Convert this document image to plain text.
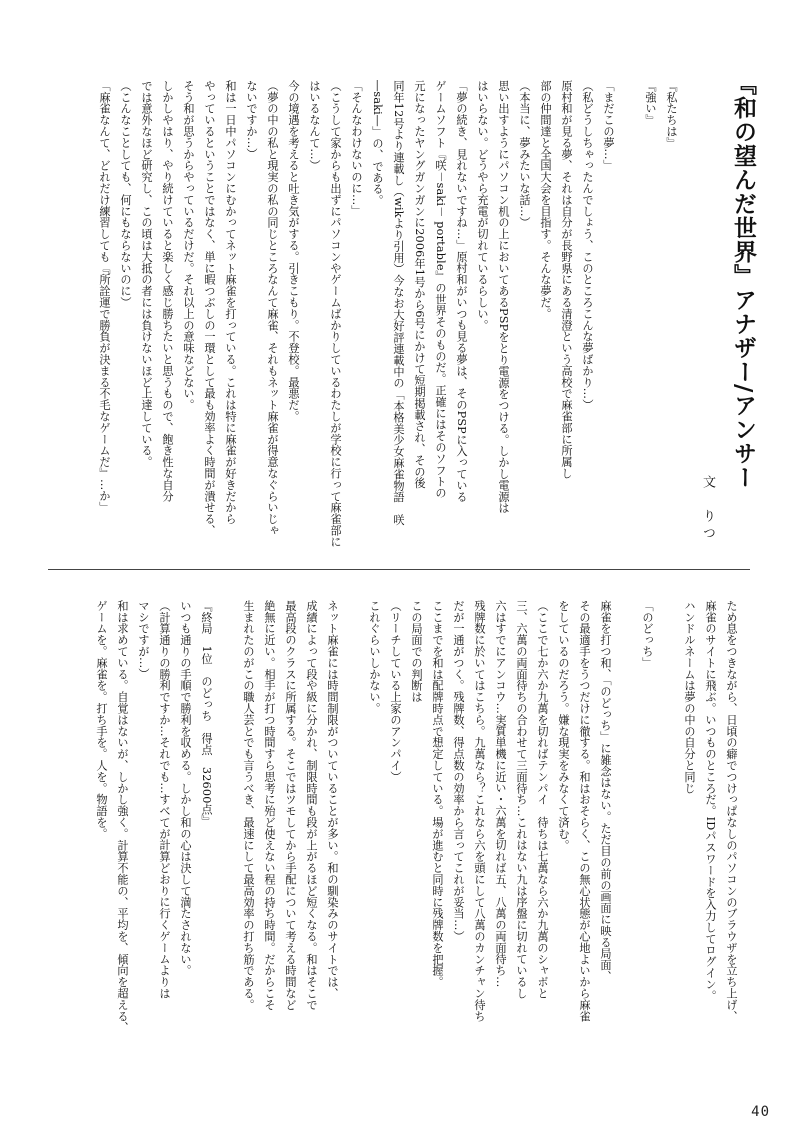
『和の望んだ世界』アナザー/アンサー
文　りつ
『私たちは』
『強い』

「まだこの夢…」
（私どうしちゃったんでしょう、このところこんな夢ばかり…）
原村和が見る夢、それは自分が長野県にある清澄という高校で麻雀部に所属し
部の仲間達と全国大会を目指す。そんな夢だ。
（本当に、夢みたいな話…）
思い出すようにパソコン机の上においてあるPSPをとり電源をつける。しかし電源は
はいらない。どうやら充電が切れているらしい。
「夢の続き、見れないですね…」原村和がいつも見る夢は、そのPSPに入っている
ゲームソフト『咲－saki－ portable』の世界そのものだ。正確にはそのソフトの
元になったヤングガンガンに2006年1号から6号にかけて短期掲載され、その後
同年12号より連載し（wikより引用）今なお大好評連載中の「本格美少女麻雀物語　咲
―saki―」の、である。
「そんなわけないのに…」
（こうして家からも出ずにパソコンやゲームばかりしているわたしが学校に行って麻雀部に
はいるなんて…）
今の境遇を考えると吐き気がする。引きこもり。不登校。最悪だ。
（夢の中の私と現実の私の同じところなんて麻雀、それもネット麻雀が得意なぐらいじゃ
ないですか…）
和は一日中パソコンにむかってネット麻雀を打っている。これは特に麻雀が好きだから
やっているということではなく、単に暇つぶしの一環として最も効率よく時間が潰せる、
そう和が思うからやっているだけだ。それ以上の意味などない。
しかしやはり、やり続けていると楽しく感じ勝ちたいと思うもので、飽き性な自分
では意外なほど研究し、この頃は大抵の者には負けないほど上達している。
（こんなことしても、何にもならないのに）
「麻雀なんて、どれだけ練習しても『所詮運で勝負が決まる不毛なゲームだ』…か」
ため息をつきながら、日頃の癖でつけっぱなしのパソコンのブラウザを立ち上げ、
麻雀のサイトに飛ぶ。いつものところだ。IDパスワードを入力してログイン。
ハンドルネームは夢の中の自分と同じ

「のどっち」

麻雀を打つ和、「のどっち」に雑念はない。ただ目の前の画面に映る局面、
その最適手をうつだけに徹する。和はおそらく、この無心状態が心地よいから麻雀
をしているのだろう。嫌な現実をみなくて済む。
（ここで七か六か九萬を切ればテンパイ　待ちは七萬なら六か九萬のシャボと
三、六萬の両面待ちの合わせて三面待ち…これはない九は序盤に切れているし
六はすでにアンコウ…実質単機に近い・六萬を切れば五、八萬の両面待ち…
残牌数に於いてはこちら。九萬なら？これなら六を頭にして八萬のカンチャン待ち
だが一通がつく。残牌数、得点数の効率から言ってこれが妥当…）
ここまでを和は配牌時点で想定している。場が進むと同時に残牌数を把握。
この局面での判断は
（リーチしている上家のアンパイ）
これぐらいしかない。

ネット麻雀には時間制限がついていることが多い。和の馴染みのサイトでは、
成績によって段や級に分かれ、制限時間も段が上がるほど短くなる。和はそこで
最高段のクラスに所属する。そこではツモしてから手配について考える時間など
絶無に近い。相手が打つ時間すら思考に殆ど使えない程の持ち時間。だからこそ
生まれたのがこの職人芸とでも言うべき、最速にして最高効率の打ち筋である。

『終局　1位　のどっち　得点　32600点』
いつも通りの手順で勝利を収める。しかし和の心は決して満たされない。
（計算通りの勝利ですか…それでも…すべてが計算どおりに行くゲームよりは
マシですが…）
和は求めている。自覚はないが、しかし強く。計算不能の、平均を、傾向を超える、
ゲームを。麻雀を。打ち手を。人を。物語を。
40
